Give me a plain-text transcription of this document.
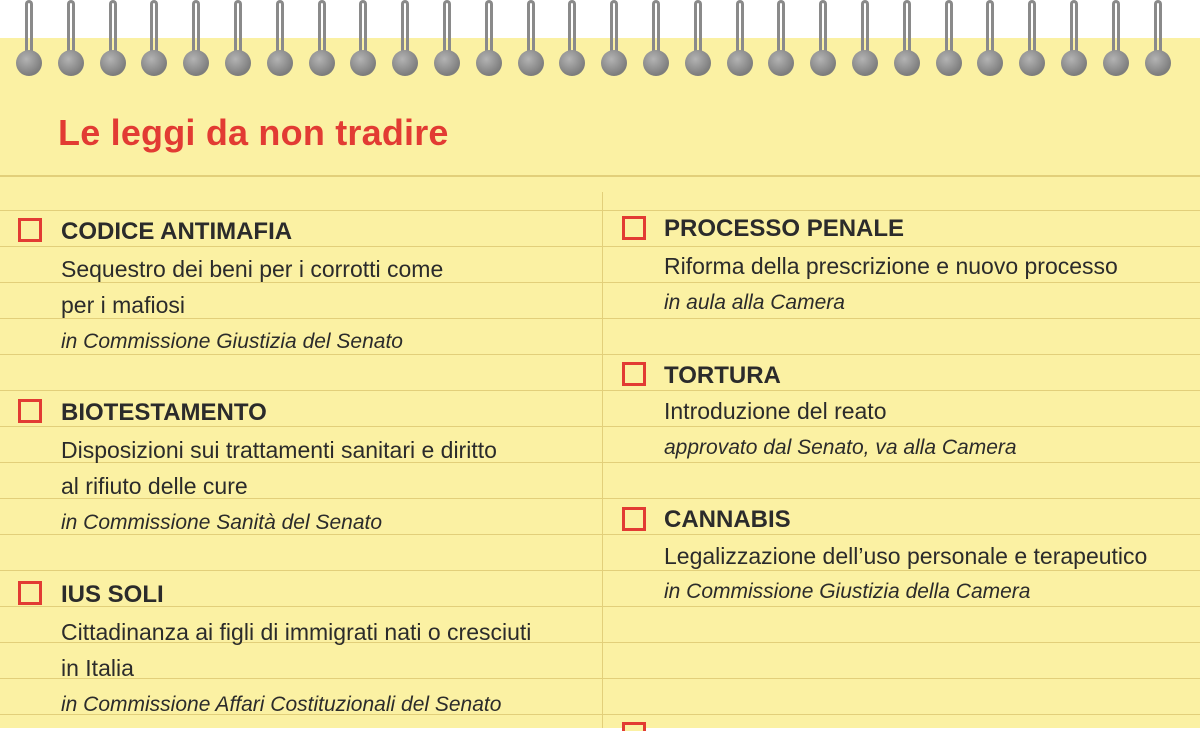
Le leggi da non tradire
CODICE ANTIMAFIA
Sequestro dei beni per i corrotti come
per i mafiosi
in Commissione Giustizia del Senato
BIOTESTAMENTO
Disposizioni sui trattamenti sanitari e diritto
al rifiuto delle cure
in Commissione Sanità del Senato
IUS SOLI
Cittadinanza ai figli di immigrati nati o cresciuti
in Italia
in Commissione Affari Costituzionali del Senato
PROCESSO PENALE
Riforma della prescrizione e nuovo processo
in aula alla Camera
TORTURA
Introduzione del reato
approvato dal Senato, va alla Camera
CANNABIS
Legalizzazione dell’uso personale e terapeutico
in Commissione Giustizia della Camera
